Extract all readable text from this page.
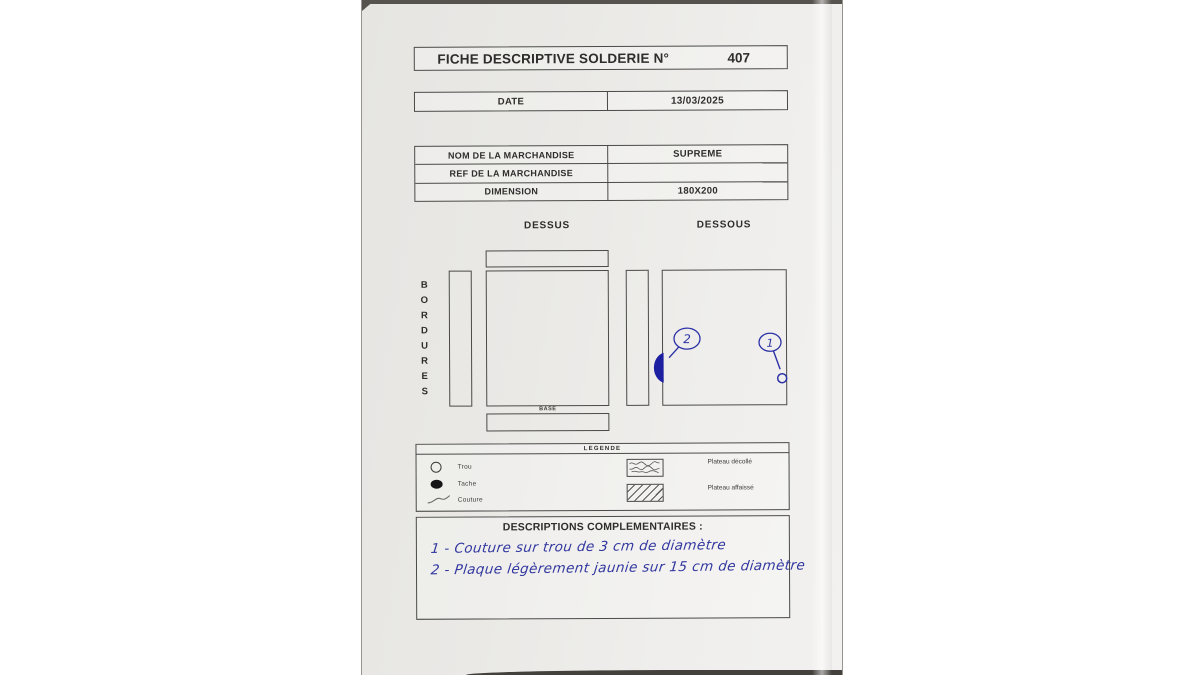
FICHE DESCRIPTIVE SOLDERIE N°	407
DATE	13/03/2025
NOM DE LA MARCHANDISE	SUPREME
REF DE LA MARCHANDISE
DIMENSION	180X200
DESSUS	DESSOUS
BORDURES
BASE
2	1
LEGENDE
Trou
Tache
Couture
Plateau décollé
Plateau affaissé
DESCRIPTIONS COMPLEMENTAIRES :
1 - Couture sur trou de 3 cm de diamètre
2 - Plaque légèrement jaunie sur 15 cm de diamètre
